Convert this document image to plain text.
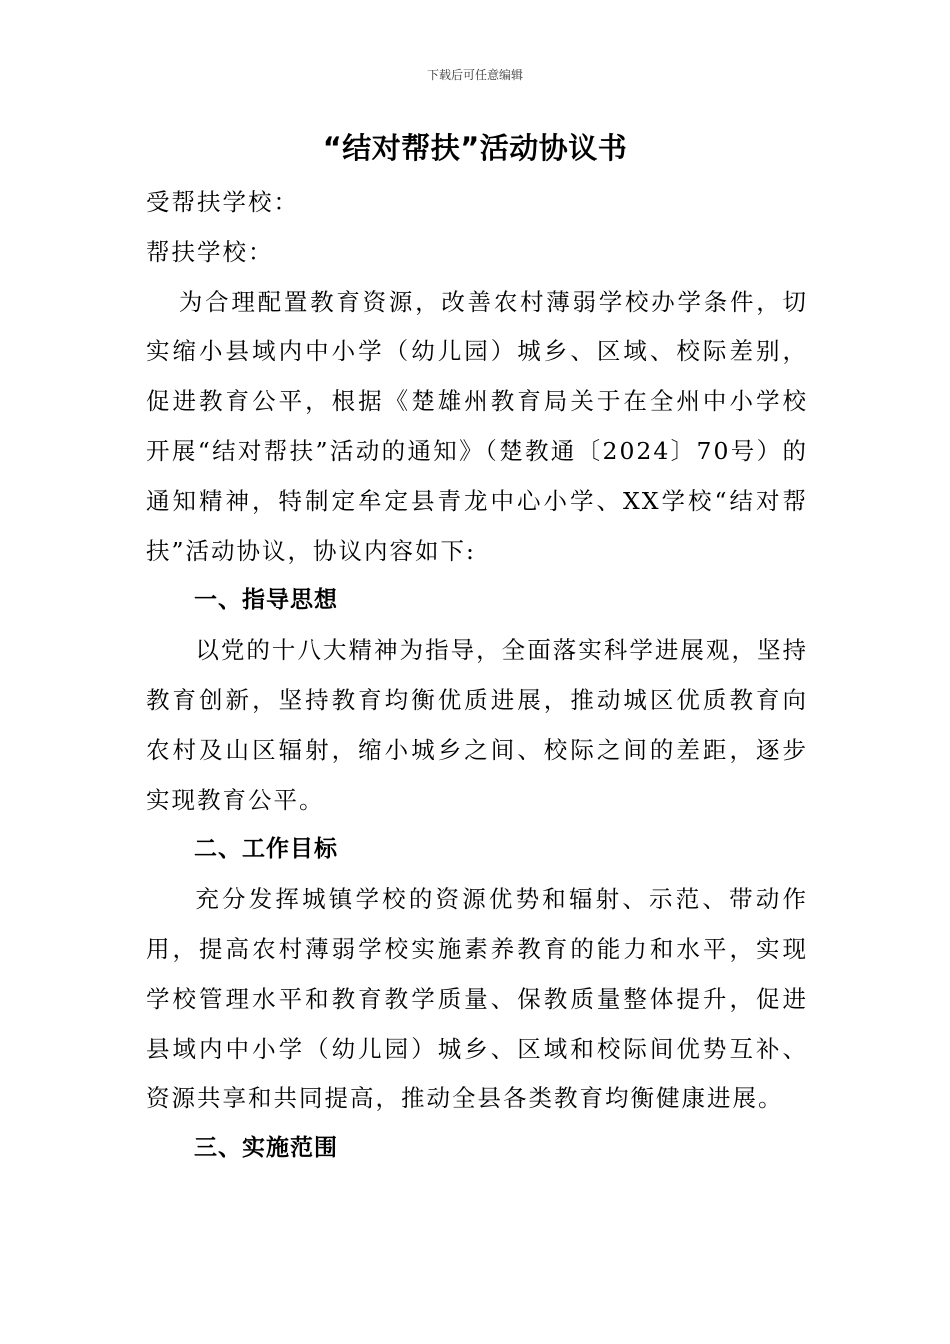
下载后可任意编辑
“结对帮扶”活动协议书

受帮扶学校：

帮扶学校：

为合理配置教育资源，改善农村薄弱学校办学条件，切实缩小县域内中小学（幼儿园）城乡、区域、校际差别，促进教育公平，根据《楚雄州教育局关于在全州中小学校开展“结对帮扶”活动的通知》（楚教通〔2024〕70号）的通知精神，特制定牟定县青龙中心小学、XX学校“结对帮扶”活动协议，协议内容如下:

一、指导思想

以党的十八大精神为指导，全面落实科学进展观，坚持教育创新，坚持教育均衡优质进展，推动城区优质教育向农村及山区辐射，缩小城乡之间、校际之间的差距，逐步实现教育公平。

二、工作目标

充分发挥城镇学校的资源优势和辐射、示范、带动作用，提高农村薄弱学校实施素养教育的能力和水平，实现学校管理水平和教育教学质量、保教质量整体提升，促进县域内中小学（幼儿园）城乡、区域和校际间优势互补、资源共享和共同提高，推动全县各类教育均衡健康进展。

三、实施范围
